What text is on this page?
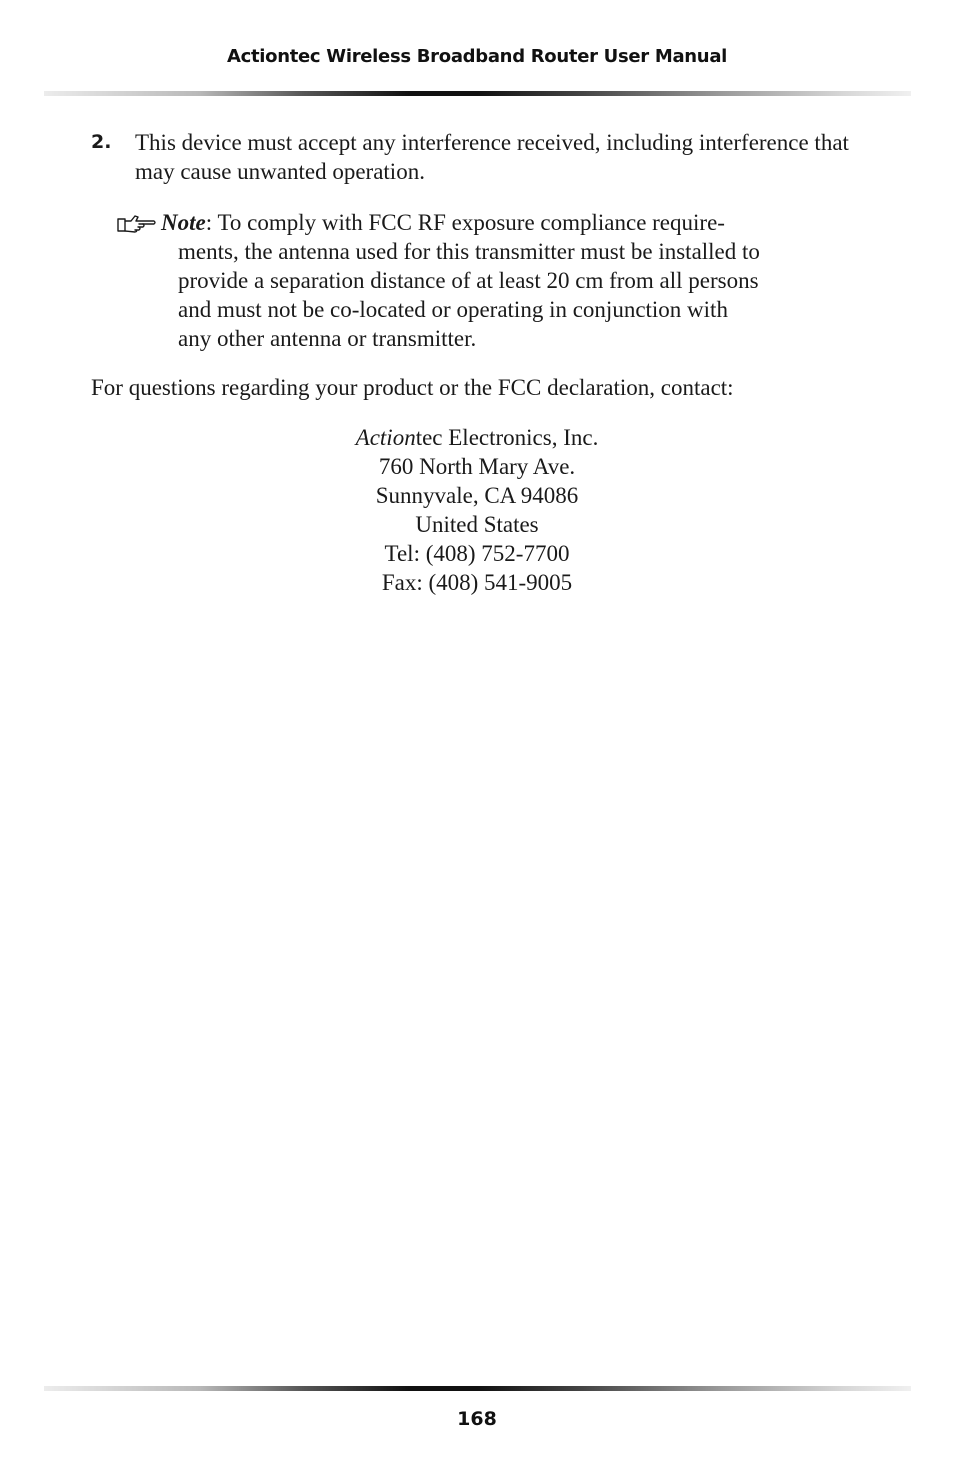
Actiontec Wireless Broadband Router User Manual
2. This device must accept any interference received, including interference that
may cause unwanted operation.
Note: To comply with FCC RF exposure compliance require-
ments, the antenna used for this transmitter must be installed to
provide a separation distance of at least 20 cm from all persons
and must not be co-located or operating in conjunction with
any other antenna or transmitter.
For questions regarding your product or the FCC declaration, contact:
Actiontec Electronics, Inc.
760 North Mary Ave.
Sunnyvale, CA 94086
United States
Tel: (408) 752-7700
Fax: (408) 541-9005
168
